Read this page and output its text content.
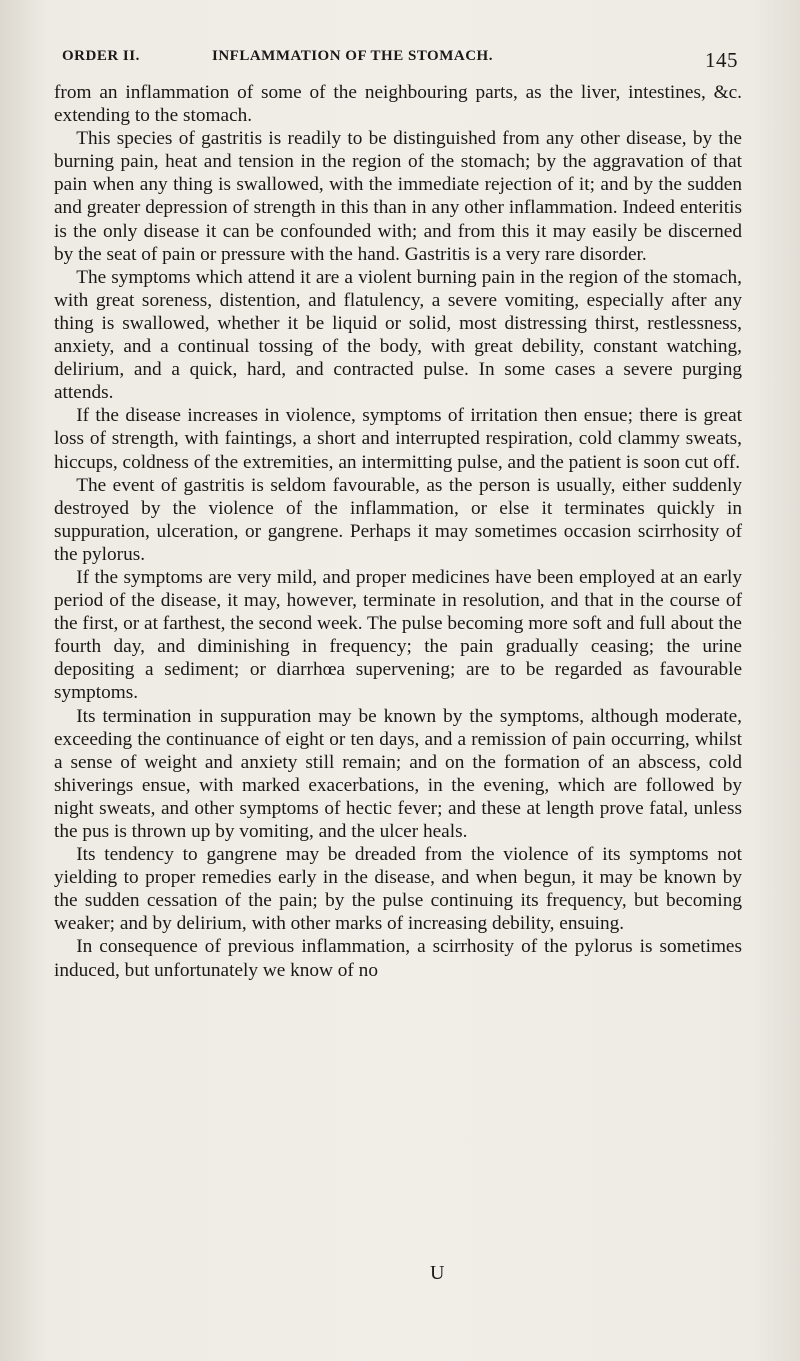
ORDER II.	INFLAMMATION OF THE STOMACH.	145

from an inflammation of some of the neighbouring parts, as the liver, intestines, &c. extending to the stomach.

This species of gastritis is readily to be distinguished from any other disease, by the burning pain, heat and tension in the region of the stomach; by the aggravation of that pain when any thing is swallowed, with the immediate rejection of it; and by the sudden and greater depression of strength in this than in any other inflammation. Indeed enteritis is the only disease it can be confounded with; and from this it may easily be discerned by the seat of pain or pressure with the hand. Gastritis is a very rare disorder.

The symptoms which attend it are a violent burning pain in the region of the stomach, with great soreness, distention, and flatulency, a severe vomiting, especially after any thing is swallowed, whether it be liquid or solid, most distressing thirst, restlessness, anxiety, and a continual tossing of the body, with great debility, constant watching, delirium, and a quick, hard, and contracted pulse. In some cases a severe purging attends.

If the disease increases in violence, symptoms of irritation then ensue; there is great loss of strength, with faintings, a short and interrupted respiration, cold clammy sweats, hiccups, coldness of the extremities, an intermitting pulse, and the patient is soon cut off.

The event of gastritis is seldom favourable, as the person is usually, either suddenly destroyed by the violence of the inflammation, or else it terminates quickly in suppuration, ulceration, or gangrene. Perhaps it may sometimes occasion scirrhosity of the pylorus.

If the symptoms are very mild, and proper medicines have been employed at an early period of the disease, it may, however, terminate in resolution, and that in the course of the first, or at farthest, the second week. The pulse becoming more soft and full about the fourth day, and diminishing in frequency; the pain gradually ceasing; the urine depositing a sediment; or diarrhœa supervening; are to be regarded as favourable symptoms.

Its termination in suppuration may be known by the symptoms, although moderate, exceeding the continuance of eight or ten days, and a remission of pain occurring, whilst a sense of weight and anxiety still remain; and on the formation of an abscess, cold shiverings ensue, with marked exacerbations, in the evening, which are followed by night sweats, and other symptoms of hectic fever; and these at length prove fatal, unless the pus is thrown up by vomiting, and the ulcer heals.

Its tendency to gangrene may be dreaded from the violence of its symptoms not yielding to proper remedies early in the disease, and when begun, it may be known by the sudden cessation of the pain; by the pulse continuing its frequency, but becoming weaker; and by delirium, with other marks of increasing debility, ensuing.

In consequence of previous inflammation, a scirrhosity of the pylorus is sometimes induced, but unfortunately we know of no

U
